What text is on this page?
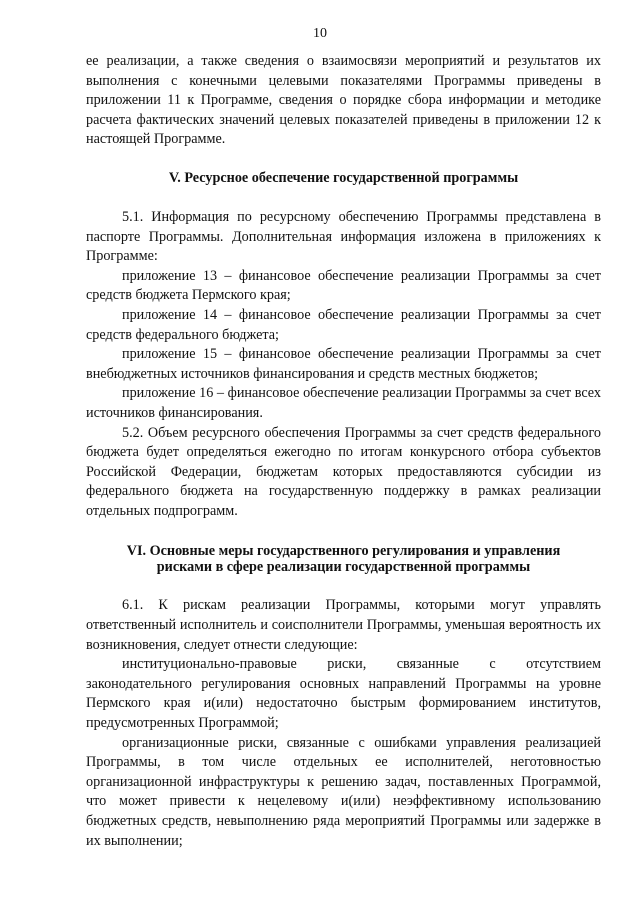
10

ее реализации, а также сведения о взаимосвязи мероприятий и результатов их выполнения с конечными целевыми показателями Программы приведены в приложении 11 к Программе, сведения о порядке сбора информации и методике расчета фактических значений целевых показателей приведены в приложении 12 к настоящей Программе.

V. Ресурсное обеспечение государственной программы

5.1. Информация по ресурсному обеспечению Программы представлена в паспорте Программы. Дополнительная информация изложена в приложениях к Программе:

приложение 13 – финансовое обеспечение реализации Программы за счет средств бюджета Пермского края;

приложение 14 – финансовое обеспечение реализации Программы за счет средств федерального бюджета;

приложение 15 – финансовое обеспечение реализации Программы за счет внебюджетных источников финансирования и средств местных бюджетов;

приложение 16 – финансовое обеспечение реализации Программы за счет всех источников финансирования.

5.2. Объем ресурсного обеспечения Программы за счет средств федерального бюджета будет определяться ежегодно по итогам конкурсного отбора субъектов Российской Федерации, бюджетам которых предоставляются субсидии из федерального бюджета на государственную поддержку в рамках реализации отдельных подпрограмм.

VI. Основные меры государственного регулирования и управления
рисками в сфере реализации государственной программы

6.1. К рискам реализации Программы, которыми могут управлять ответственный исполнитель и соисполнители Программы, уменьшая вероятность их возникновения, следует отнести следующие:

институционально-правовые риски, связанные с отсутствием законодательного регулирования основных направлений Программы на уровне Пермского края и(или) недостаточно быстрым формированием институтов, предусмотренных Программой;

организационные риски, связанные с ошибками управления реализацией Программы, в том числе отдельных ее исполнителей, неготовностью организационной инфраструктуры к решению задач, поставленных Программой, что может привести к нецелевому и(или) неэффективному использованию бюджетных средств, невыполнению ряда мероприятий Программы или задержке в их выполнении;
